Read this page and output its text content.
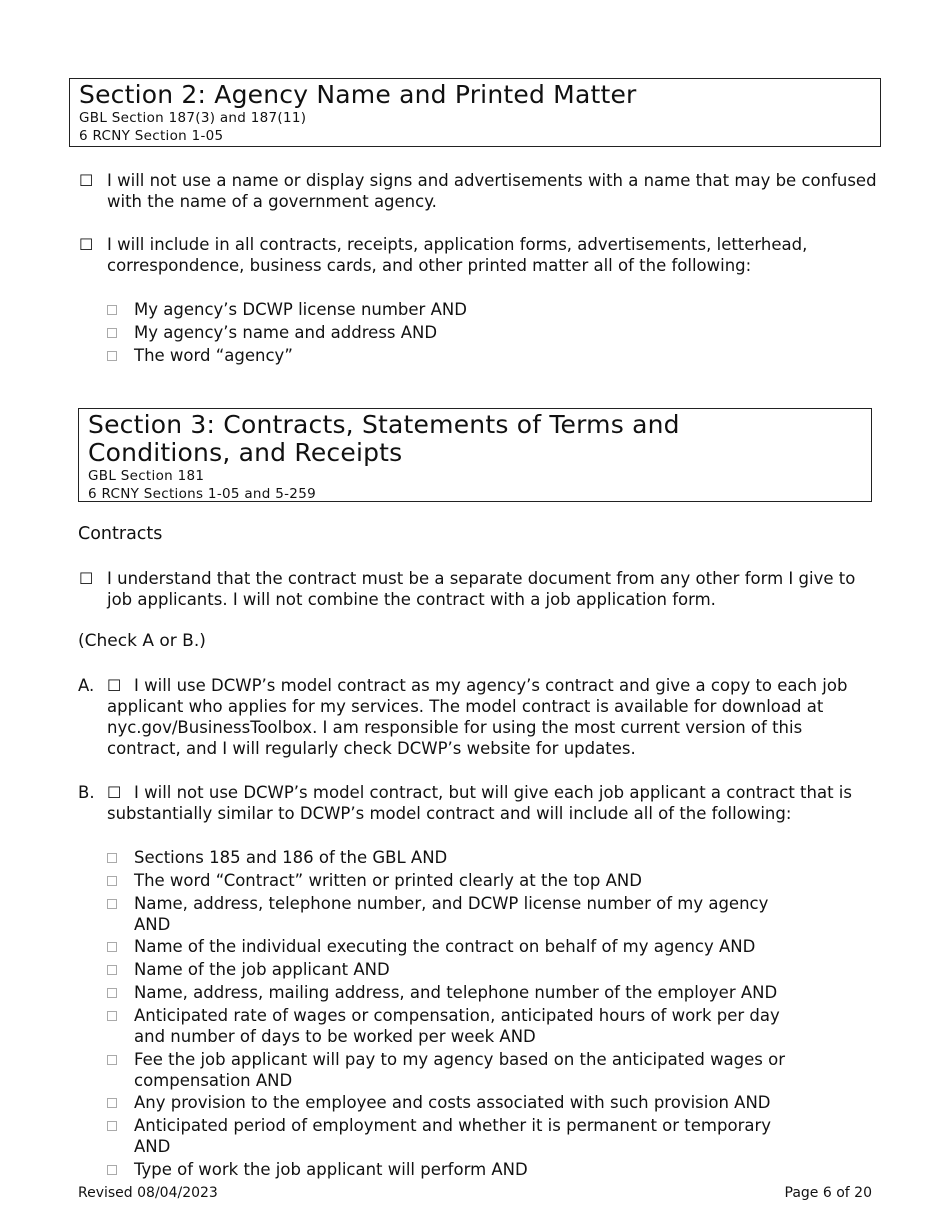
Section 2: Agency Name and Printed Matter
GBL Section 187(3) and 187(11)
6 RCNY Section 1-05
☐ I will not use a name or display signs and advertisements with a name that may be confused with the name of a government agency.
☐ I will include in all contracts, receipts, application forms, advertisements, letterhead, correspondence, business cards, and other printed matter all of the following:
My agency’s DCWP license number AND
My agency’s name and address AND
The word “agency”
Section 3: Contracts, Statements of Terms and Conditions, and Receipts
GBL Section 181
6 RCNY Sections 1-05 and 5-259
Contracts
☐ I understand that the contract must be a separate document from any other form I give to job applicants. I will not combine the contract with a job application form.
(Check A or B.)
A. ☐ I will use DCWP’s model contract as my agency’s contract and give a copy to each job applicant who applies for my services. The model contract is available for download at nyc.gov/BusinessToolbox. I am responsible for using the most current version of this contract, and I will regularly check DCWP’s website for updates.
B. ☐ I will not use DCWP’s model contract, but will give each job applicant a contract that is substantially similar to DCWP’s model contract and will include all of the following:
Sections 185 and 186 of the GBL AND
The word “Contract” written or printed clearly at the top AND
Name, address, telephone number, and DCWP license number of my agency AND
Name of the individual executing the contract on behalf of my agency AND
Name of the job applicant AND
Name, address, mailing address, and telephone number of the employer AND
Anticipated rate of wages or compensation, anticipated hours of work per day and number of days to be worked per week AND
Fee the job applicant will pay to my agency based on the anticipated wages or compensation AND
Any provision to the employee and costs associated with such provision AND
Anticipated period of employment and whether it is permanent or temporary AND
Type of work the job applicant will perform AND
Revised 08/04/2023	Page 6 of 20
